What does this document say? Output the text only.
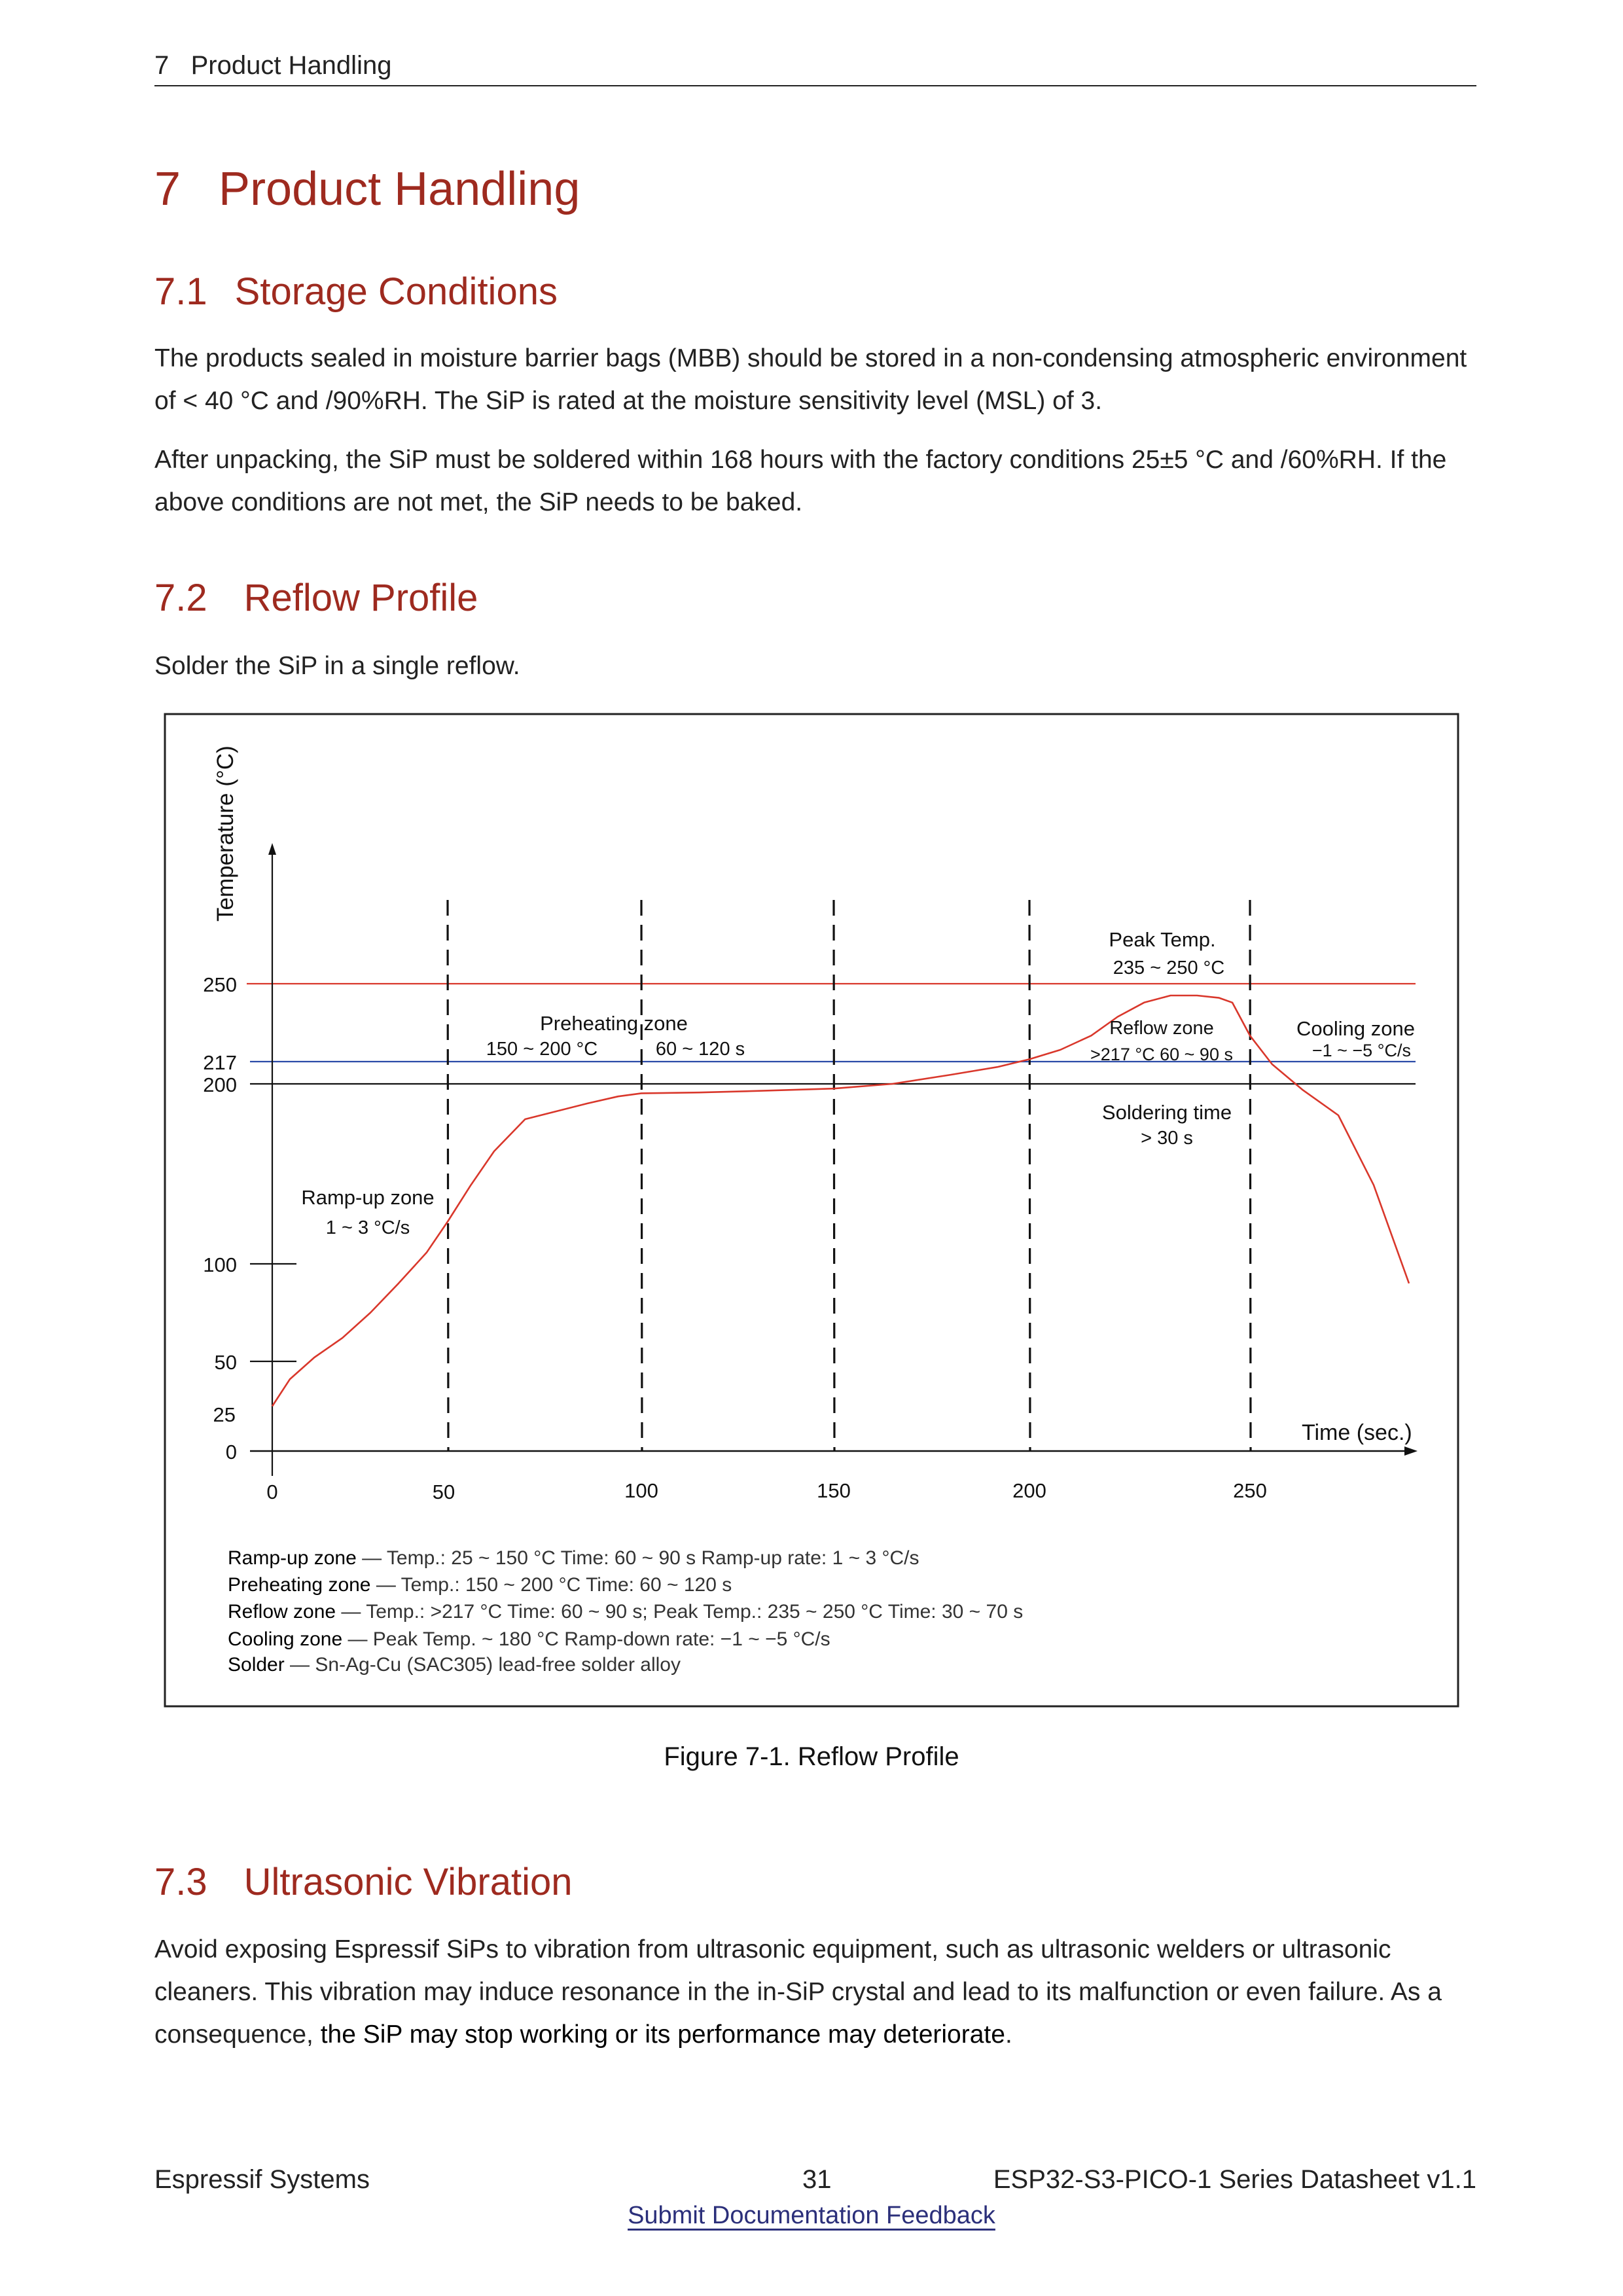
7   Product Handling
7 Product Handling
7.1 Storage Conditions
The products sealed in moisture barrier bags (MBB) should be stored in a non-condensing atmospheric environment of < 40 °C and /90%RH. The SiP is rated at the moisture sensitivity level (MSL) of 3.
After unpacking, the SiP must be soldered within 168 hours with the factory conditions 25±5 °C and /60%RH. If the above conditions are not met, the SiP needs to be baked.
7.2 Reflow Profile
Solder the SiP in a single reflow.
250
217
200
50
100
25
0
0	50	100	150	200	250
Temperature (°C)
Time (sec.)
Ramp-up zone
1 ~ 3 °C/s
Preheating zone
150 ~ 200 °C	60 ~ 120 s
Peak Temp.
235 ~ 250 °C
Reflow zone
>217 °C 60 ~ 90 s
Soldering time
> 30 s
Cooling zone
−1 ~ −5 °C/s
Ramp-up zone — Temp.: 25 ~ 150 °C Time: 60 ~ 90 s Ramp-up rate: 1 ~ 3 °C/s
Preheating zone — Temp.: 150 ~ 200 °C Time: 60 ~ 120 s
Reflow zone — Temp.: >217 °C Time: 60 ~ 90 s; Peak Temp.: 235 ~ 250 °C Time: 30 ~ 70 s
Cooling zone — Peak Temp. ~ 180 °C Ramp-down rate: −1 ~ −5 °C/s
Solder — Sn-Ag-Cu (SAC305) lead-free solder alloy
Figure 7-1. Reflow Profile
7.3 Ultrasonic Vibration
Avoid exposing Espressif SiPs to vibration from ultrasonic equipment, such as ultrasonic welders or ultrasonic cleaners. This vibration may induce resonance in the in-SiP crystal and lead to its malfunction or even failure. As a consequence, the SiP may stop working or its performance may deteriorate.
Espressif Systems	31	ESP32-S3-PICO-1 Series Datasheet v1.1
Submit Documentation Feedback
